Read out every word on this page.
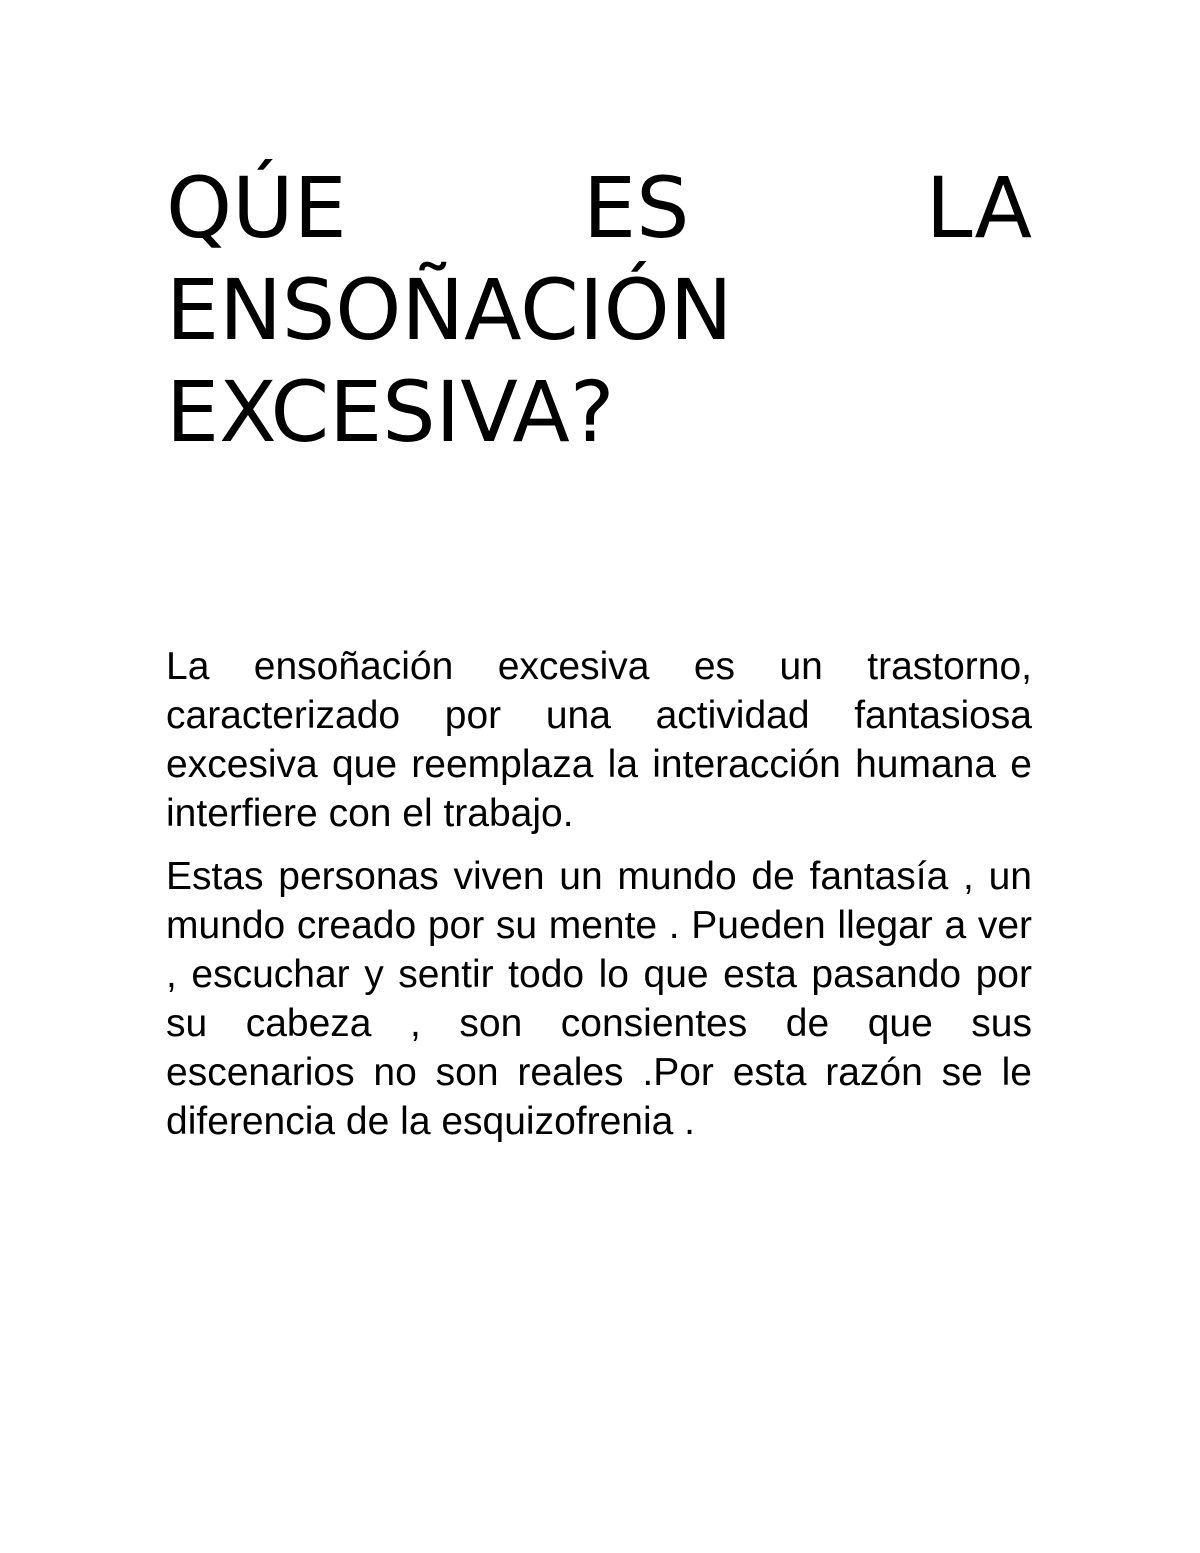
QÚE	ES	LA
ENSOÑACIÓN
EXCESIVA?

La ensoñación excesiva es un trastorno, caracterizado por una actividad fantasiosa excesiva que reemplaza la interacción humana e interfiere con el trabajo.

Estas personas viven un mundo de fantasía , un mundo creado por su mente . Pueden llegar a ver , escuchar y sentir todo lo que esta pasando por su cabeza , son consientes de que sus escenarios no son reales .Por esta razón se le diferencia de la esquizofrenia .
